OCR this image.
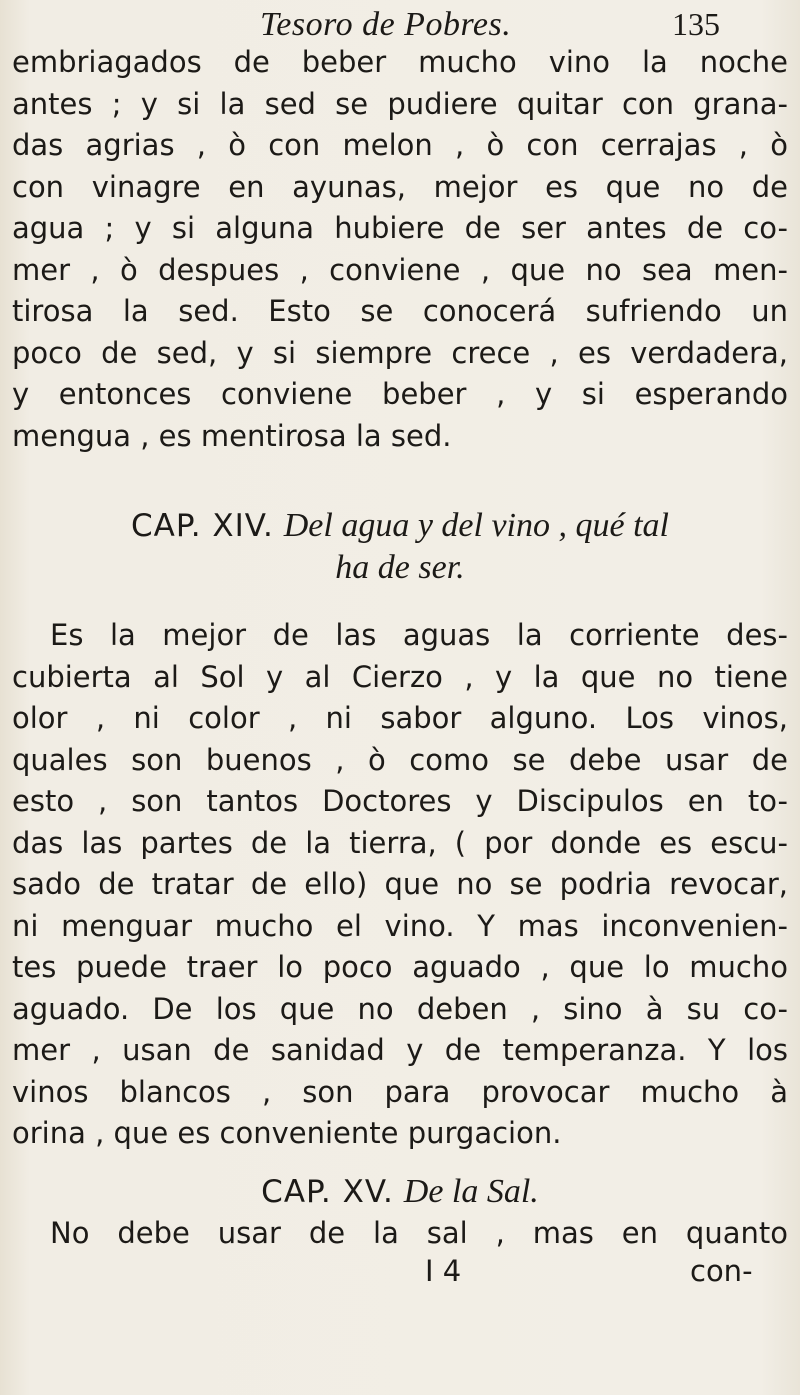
Tesoro de Pobres.	135
embriagados de beber mucho vino la noche
antes ; y si la sed se pudiere quitar con grana-
das agrias , ò con melon , ò con cerrajas , ò
con vinagre en ayunas, mejor es que no de
agua ; y si alguna hubiere de ser antes de co-
mer , ò despues , conviene , que no sea men-
tirosa la sed. Esto se conocerá sufriendo un
poco de sed, y si siempre crece , es verdadera,
y entonces conviene beber , y si esperando
mengua , es mentirosa la sed.
CAP. XIV. Del agua y del vino , qué tal
ha de ser.
Es la mejor de las aguas la corriente des-
cubierta al Sol y al Cierzo , y la que no tiene
olor , ni color , ni sabor alguno. Los vinos,
quales son buenos , ò como se debe usar de
esto , son tantos Doctores y Discipulos en to-
das las partes de la tierra, ( por donde es escu-
sado de tratar de ello) que no se podria revocar,
ni menguar mucho el vino. Y mas inconvenien-
tes puede traer lo poco aguado , que lo mucho
aguado. De los que no deben , sino à su co-
mer , usan de sanidad y de temperanza. Y los
vinos blancos , son para provocar mucho à
orina , que es conveniente purgacion.
CAP. XV. De la Sal.
No debe usar de la sal , mas en quanto
I 4	con-
